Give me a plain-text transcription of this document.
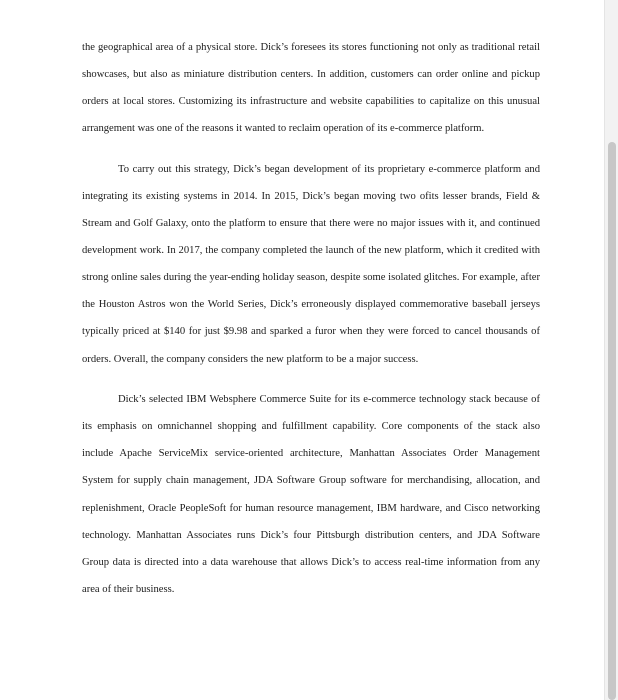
the geographical area of a physical store. Dick’s foresees its stores functioning not only as traditional retail showcases, but also as miniature distribution centers. In addition, customers can order online and pickup orders at local stores. Customizing its infrastructure and website capabilities to capitalize on this unusual arrangement was one of the reasons it wanted to reclaim operation of its e-commerce platform.

To carry out this strategy, Dick’s began development of its proprietary e-commerce platform and integrating its existing systems in 2014. In 2015, Dick’s began moving two ofits lesser brands, Field & Stream and Golf Galaxy, onto the platform to ensure that there were no major issues with it, and continued development work. In 2017, the company completed the launch of the new platform, which it credited with strong online sales during the year-ending holiday season, despite some isolated glitches. For example, after the Houston Astros won the World Series, Dick’s erroneously displayed commemorative baseball jerseys typically priced at $140 for just $9.98 and sparked a furor when they were forced to cancel thousands of orders. Overall, the company considers the new platform to be a major success.

Dick’s selected IBM Websphere Commerce Suite for its e-commerce technology stack because of its emphasis on omnichannel shopping and fulfillment capability. Core components of the stack also include Apache ServiceMix service-oriented architecture, Manhattan Associates Order Management System for supply chain management, JDA Software Group software for merchandising, allocation, and replenishment, Oracle PeopleSoft for human resource management, IBM hardware, and Cisco networking technology. Manhattan Associates runs Dick’s four Pittsburgh distribution centers, and JDA Software Group data is directed into a data warehouse that allows Dick’s to access real-time information from any area of their business.
